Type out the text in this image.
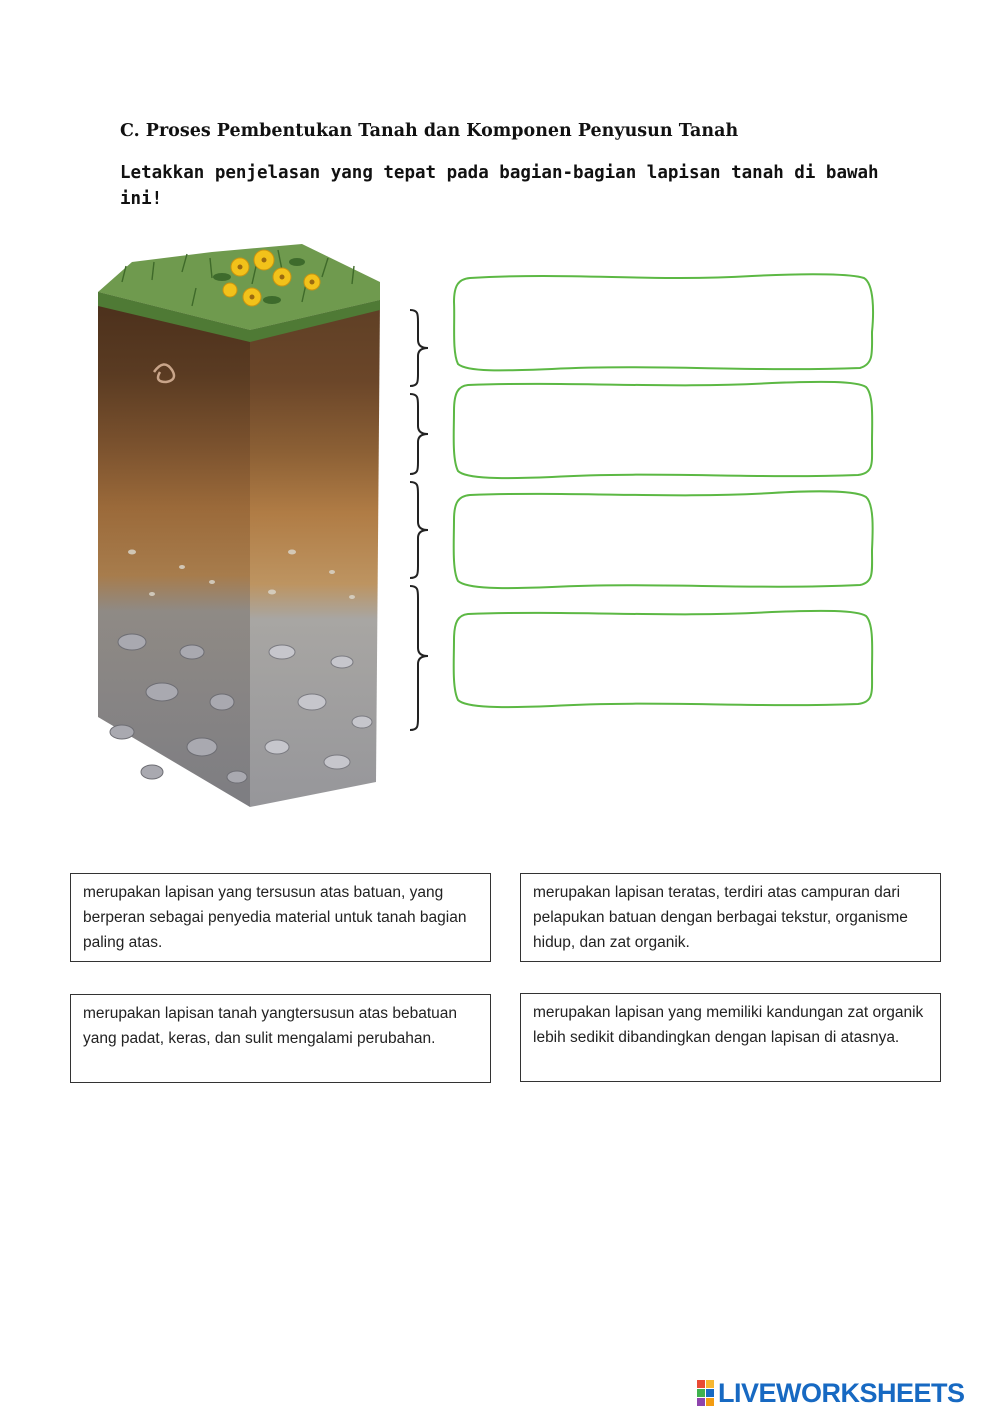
C. Proses Pembentukan Tanah dan Komponen Penyusun Tanah

Letakkan penjelasan yang tepat pada bagian-bagian lapisan tanah di bawah ini!

merupakan lapisan yang tersusun atas batuan, yang berperan sebagai penyedia material untuk tanah bagian paling atas.
merupakan lapisan teratas, terdiri atas campuran dari pelapukan batuan dengan berbagai tekstur, organisme hidup, dan zat organik.
merupakan lapisan tanah yangtersusun atas bebatuan yang padat, keras, dan sulit mengalami perubahan.
merupakan lapisan yang memiliki kandungan zat organik lebih sedikit dibandingkan dengan lapisan di atasnya.
LIVEWORKSHEETS
